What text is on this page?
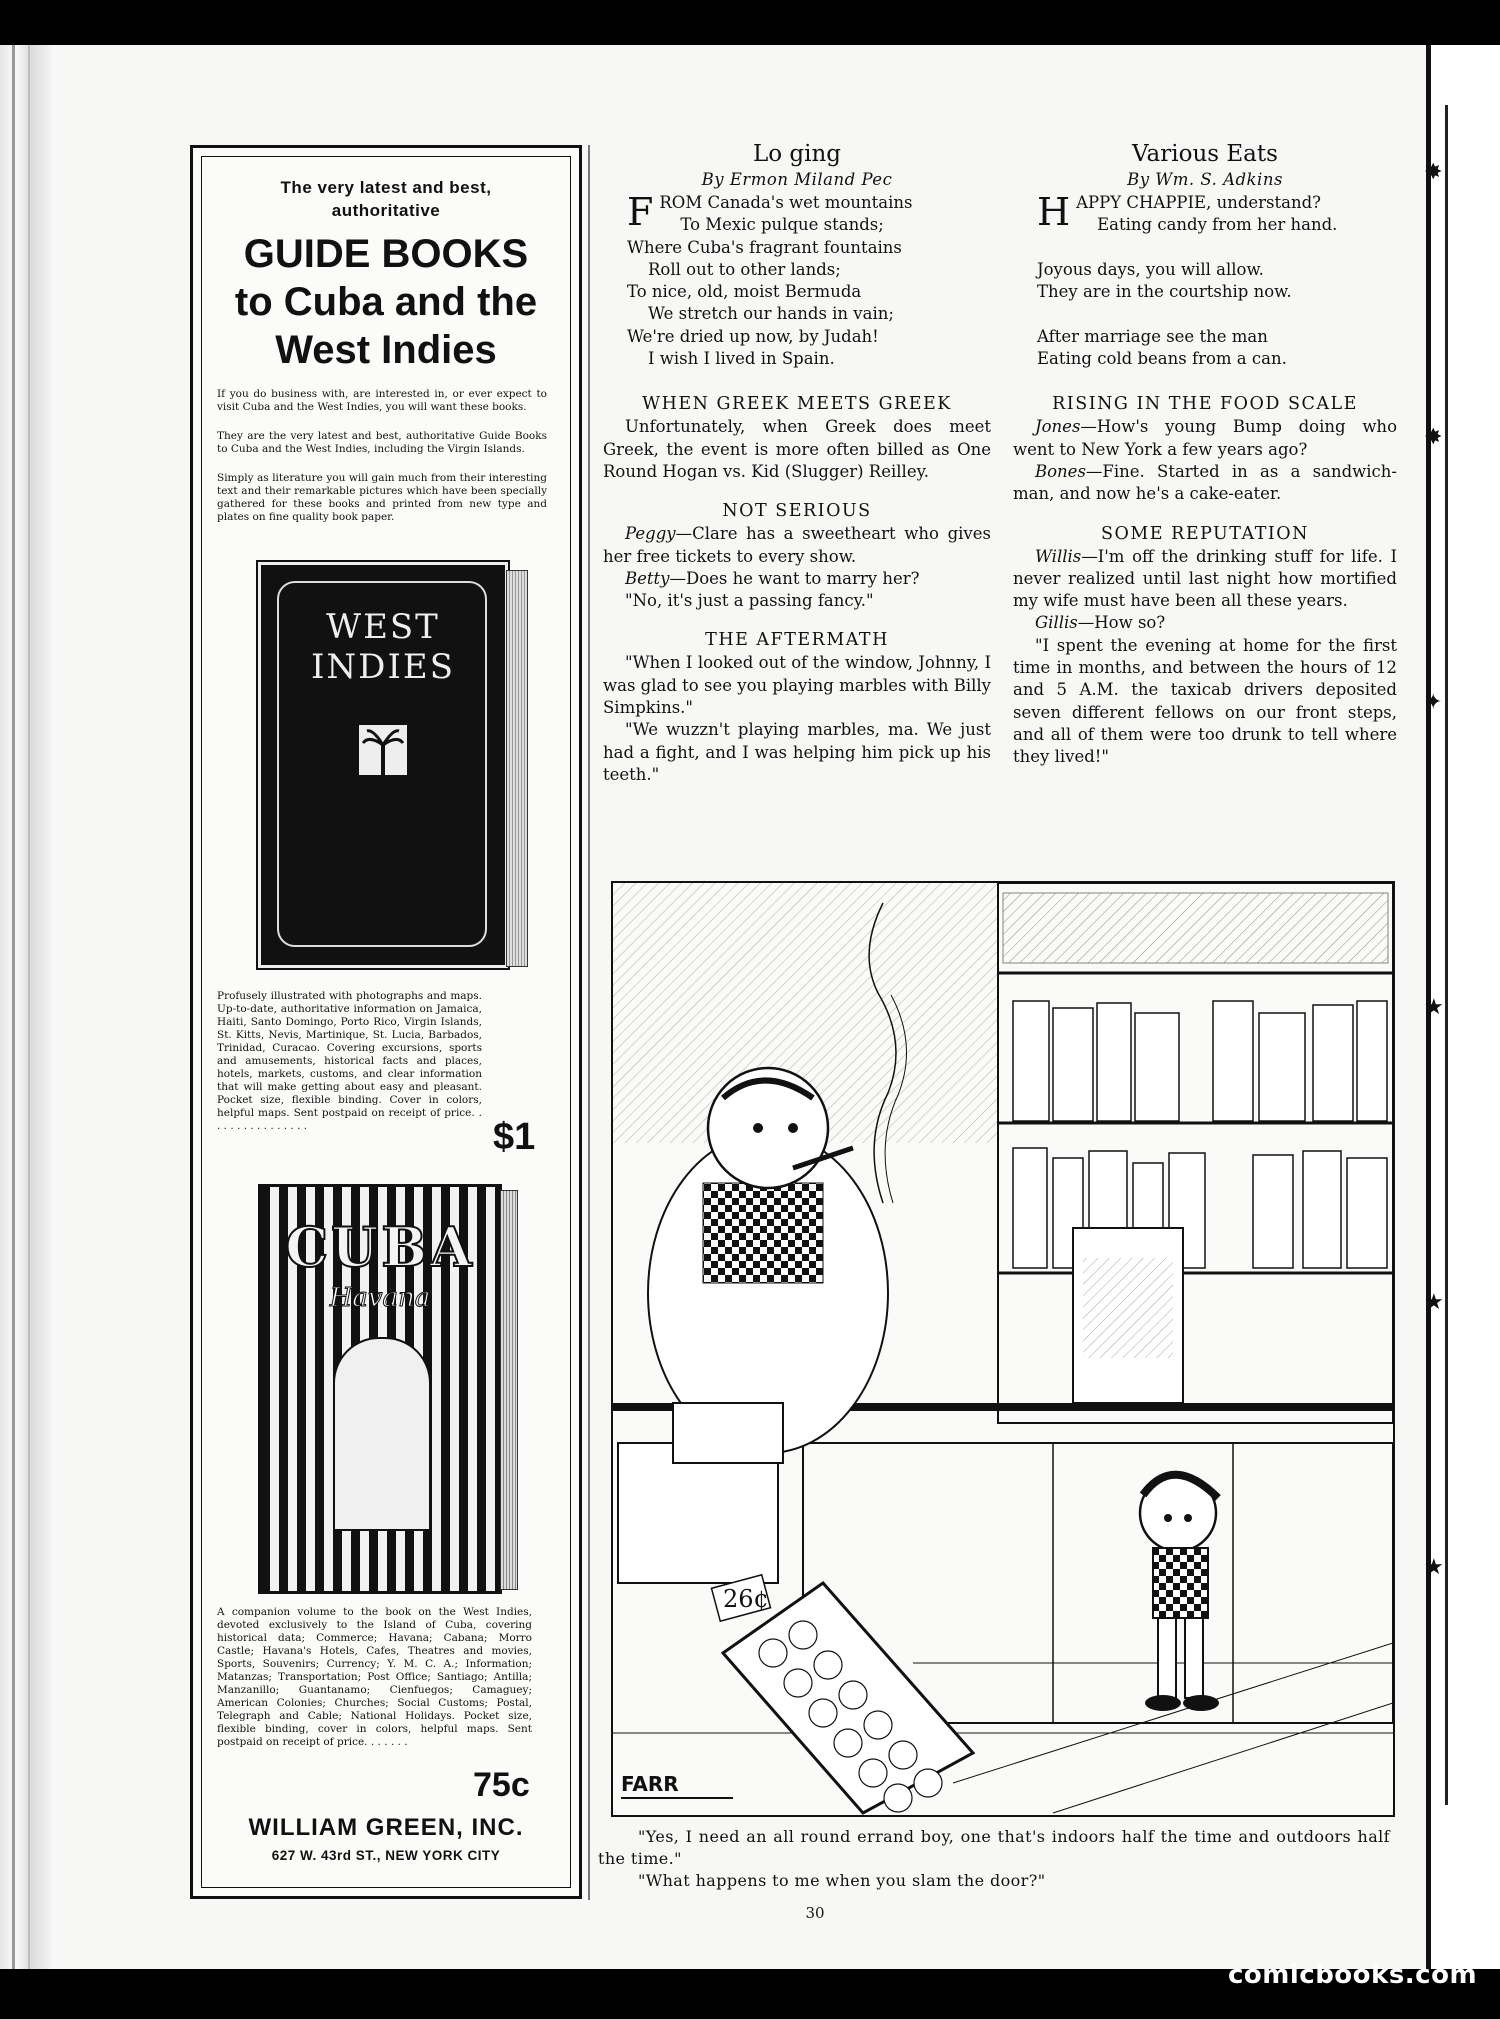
✸
✸
✦
★
★
★
The very latest and best,
authoritative
GUIDE BOOKS
to Cuba and the
West Indies
If you do business with, are interested in, or ever expect to visit Cuba and the West Indies, you will want these books.
They are the very latest and best, authoritative Guide Books to Cuba and the West Indies, including the Virgin Islands.
Simply as literature you will gain much from their interesting text and their remarkable pictures which have been specially gathered for these books and printed from new type and plates on fine quality book paper.
WEST
INDIES
Profusely illustrated with photographs and maps. Up-to-date, authoritative information on Jamaica, Haiti, Santo Domingo, Porto Rico, Virgin Islands, St. Kitts, Nevis, Martinique, St. Lucia, Barbados, Trinidad, Curacao. Covering excursions, sports and amusements, historical facts and places, hotels, markets, customs, and clear information that will make getting about easy and pleasant. Pocket size, flexible binding. Cover in colors, helpful maps. Sent postpaid on receipt of price. . . . . . . . . . . . . . . .	$1
CUBA
Havana
A companion volume to the book on the West Indies, devoted exclusively to the Island of Cuba, covering historical data; Commerce; Havana; Cabana; Morro Castle; Havana's Hotels, Cafes, Theatres and movies, Sports, Souvenirs; Currency; Y. M. C. A.; Information; Matanzas; Transportation; Post Office; Santiago; Antilla; Manzanillo; Guantanamo; Cienfuegos; Camaguey; American Colonies; Churches; Social Customs; Postal, Telegraph and Cable; National Holidays. Pocket size, flexible binding, cover in colors, helpful maps. Sent postpaid on receipt of price. . . . . . .
75c
WILLIAM GREEN, INC.
627 W. 43rd ST., NEW YORK CITY
Lo ging
By Ermon Miland Pec
F ROM Canada's wet mountains
To Mexic pulque stands;
Where Cuba's fragrant fountains
Roll out to other lands;
To nice, old, moist Bermuda
We stretch our hands in vain;
We're dried up now, by Judah!
I wish I lived in Spain.
WHEN GREEK MEETS GREEK

Unfortunately, when Greek does meet Greek, the event is more often billed as One Round Hogan vs. Kid (Slugger) Reilley.

NOT SERIOUS

Peggy—Clare has a sweetheart who gives her free tickets to every show.

Betty—Does he want to marry her?

"No, it's just a passing fancy."

THE AFTERMATH

"When I looked out of the window, Johnny, I was glad to see you playing marbles with Billy Simpkins."

"We wuzzn't playing marbles, ma. We just had a fight, and I was helping him pick up his teeth."

Various Eats
By Wm. S. Adkins
H APPY CHAPPIE, understand?
Eating candy from her hand.

Joyous days, you will allow.
They are in the courtship now.

After marriage see the man
Eating cold beans from a can.
RISING IN THE FOOD SCALE

Jones—How's young Bump doing who went to New York a few years ago?

Bones—Fine. Started in as a sandwich-man, and now he's a cake-eater.

SOME REPUTATION

Willis—I'm off the drinking stuff for life. I never realized until last night how mortified my wife must have been all these years.

Gillis—How so?

"I spent the evening at home for the first time in months, and between the hours of 12 and 5 A.M. the taxicab drivers deposited seven different fellows on our front steps, and all of them were too drunk to tell where they lived!"

26¢
FARR

"Yes, I need an all round errand boy, one that's indoors half the time and outdoors half the time."

"What happens to me when you slam the door?"

30
comicbooks.com
